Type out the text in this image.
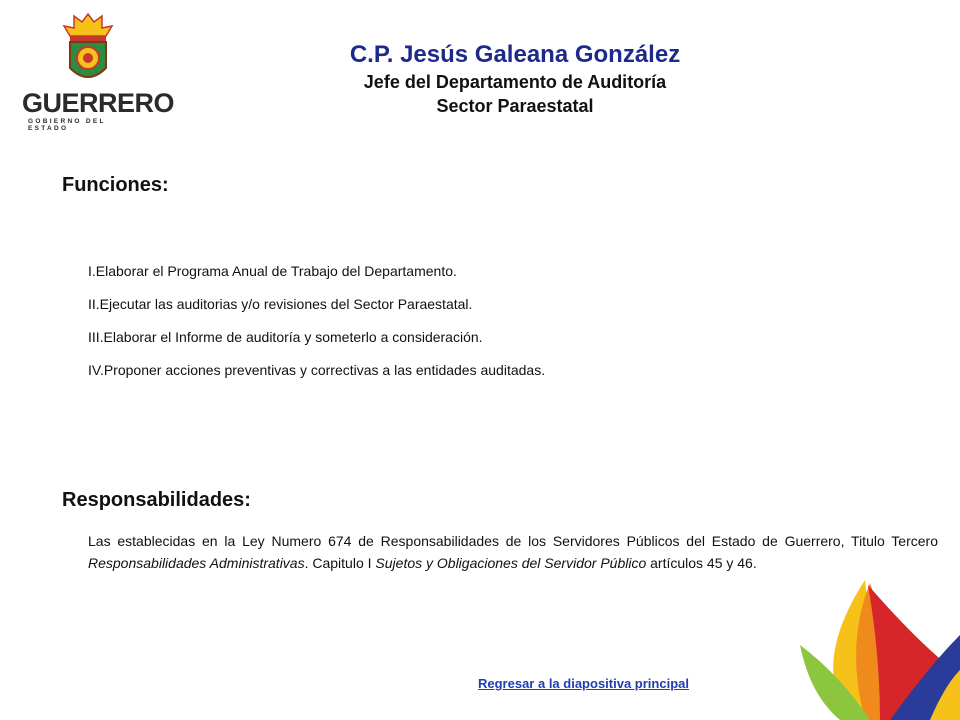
GUERRERO
GOBIERNO DEL ESTADO
C.P. Jesús Galeana González
Jefe del Departamento de Auditoría
Sector Paraestatal
Funciones:
I.Elaborar el Programa Anual de Trabajo del Departamento.
II.Ejecutar las auditorias y/o revisiones del Sector Paraestatal.
III.Elaborar el Informe de auditoría y someterlo a consideración.
IV.Proponer acciones preventivas y correctivas a las entidades auditadas.
Responsabilidades:
Las establecidas en la Ley Numero 674 de Responsabilidades de los Servidores Públicos del Estado de Guerrero, Titulo Tercero Responsabilidades Administrativas. Capitulo I Sujetos y Obligaciones del Servidor Público artículos 45 y 46.
Regresar a la diapositiva principal
